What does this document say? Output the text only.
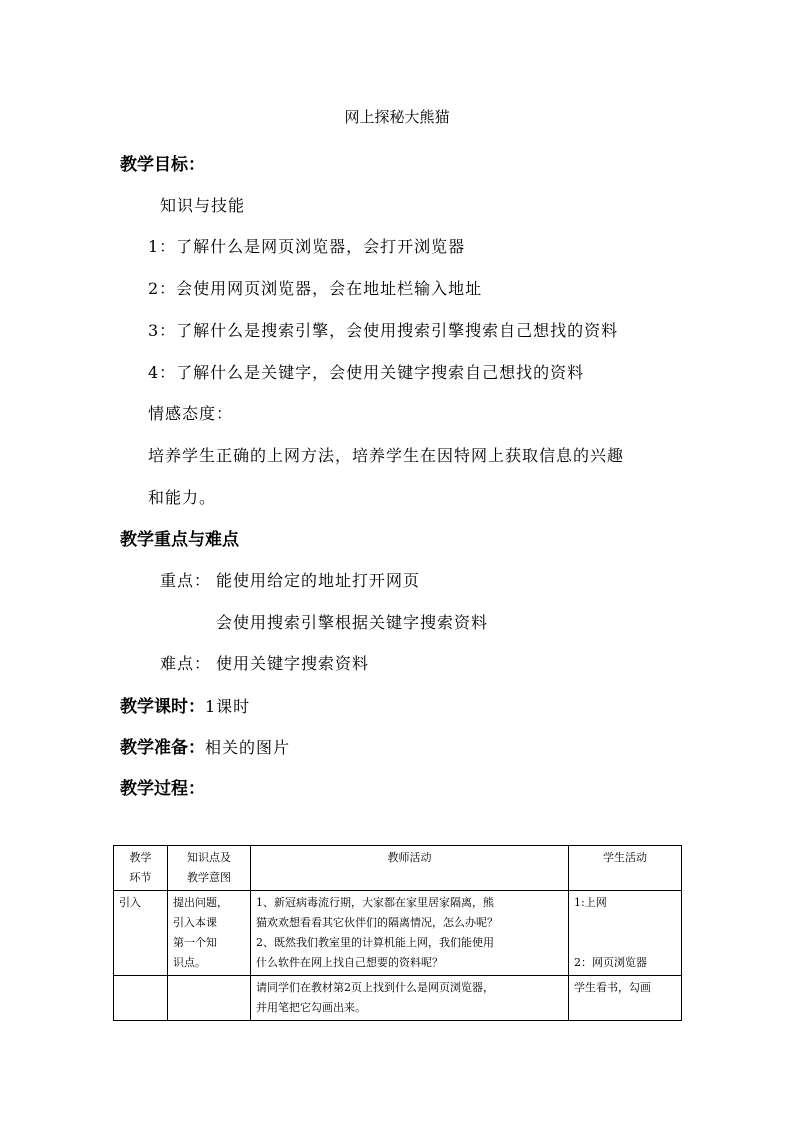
网上探秘大熊猫
教学目标：
知识与技能
1：了解什么是网页浏览器，会打开浏览器
2：会使用网页浏览器，会在地址栏输入地址
3：了解什么是搜索引擎，会使用搜索引擎搜索自己想找的资料
4：了解什么是关键字，会使用关键字搜索自己想找的资料
情感态度：
培养学生正确的上网方法，培养学生在因特网上获取信息的兴趣
和能力。
教学重点与难点
重点： 能使用给定的地址打开网页
会使用搜索引擎根据关键字搜索资料
难点： 使用关键字搜索资料
教学课时：1课时
教学准备：相关的图片
教学过程：
教学
环节	知识点及
教学意图	教师活动	学生活动
引入	提出问题，
引入本课
第一个知
识点。	1、新冠病毒流行期，大家都在家里居家隔离，熊
猫欢欢想看看其它伙伴们的隔离情况，怎么办呢？
2、既然我们教室里的计算机能上网，我们能使用
什么软件在网上找自己想要的资料呢？	1:上网
2：网页浏览器
		请同学们在教材第2页上找到什么是网页浏览器，
并用笔把它勾画出来。	学生看书，勾画
